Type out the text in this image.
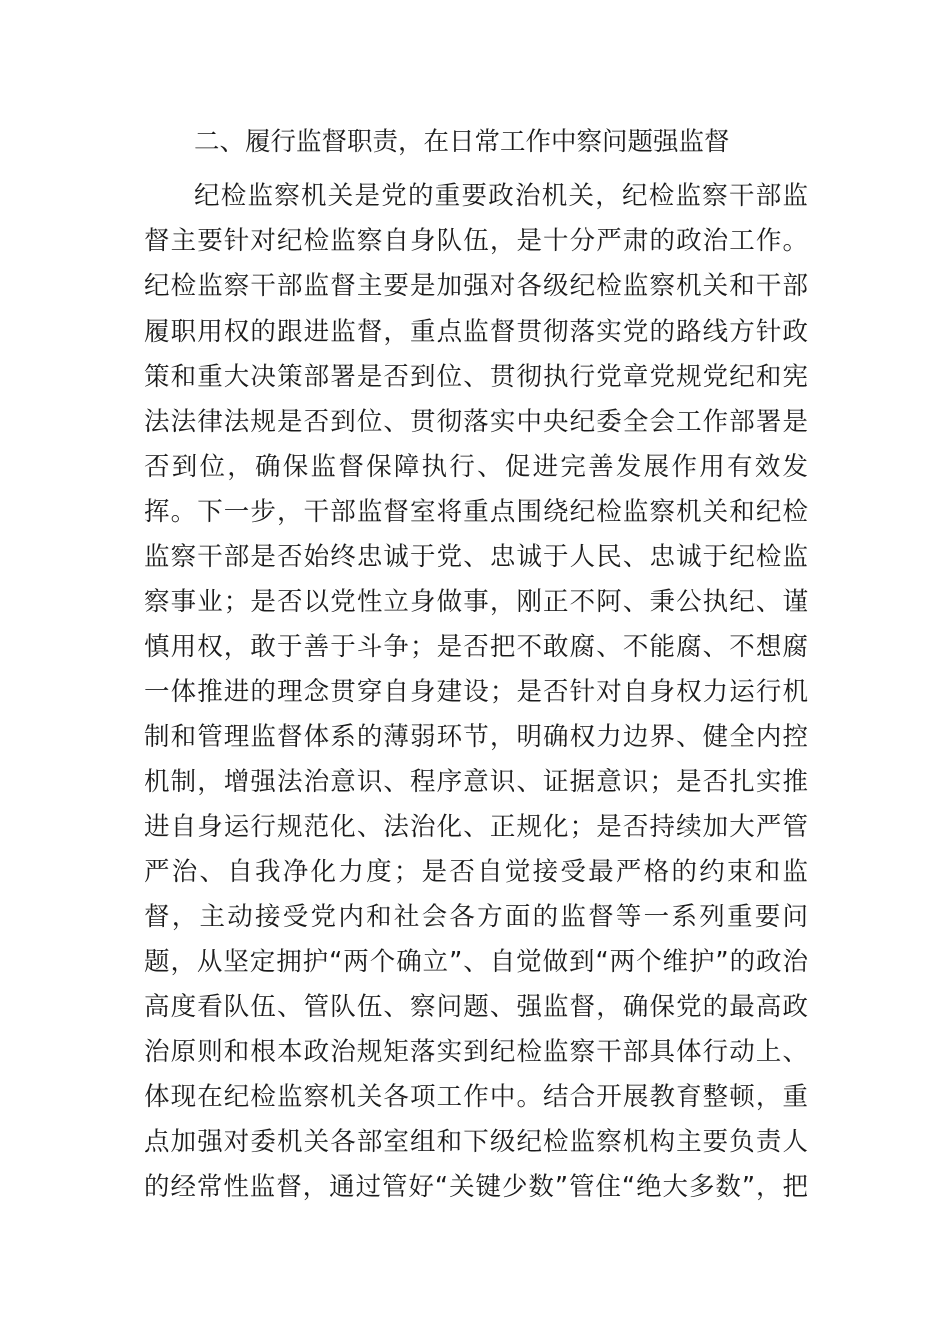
二、履行监督职责，在日常工作中察问题强监督
纪检监察机关是党的重要政治机关，纪检监察干部监
督主要针对纪检监察自身队伍，是十分严肃的政治工作。
纪检监察干部监督主要是加强对各级纪检监察机关和干部
履职用权的跟进监督，重点监督贯彻落实党的路线方针政
策和重大决策部署是否到位、贯彻执行党章党规党纪和宪
法法律法规是否到位、贯彻落实中央纪委全会工作部署是
否到位，确保监督保障执行、促进完善发展作用有效发
挥。下一步，干部监督室将重点围绕纪检监察机关和纪检
监察干部是否始终忠诚于党、忠诚于人民、忠诚于纪检监
察事业；是否以党性立身做事，刚正不阿、秉公执纪、谨
慎用权，敢于善于斗争；是否把不敢腐、不能腐、不想腐
一体推进的理念贯穿自身建设；是否针对自身权力运行机
制和管理监督体系的薄弱环节，明确权力边界、健全内控
机制，增强法治意识、程序意识、证据意识；是否扎实推
进自身运行规范化、法治化、正规化；是否持续加大严管
严治、自我净化力度；是否自觉接受最严格的约束和监
督，主动接受党内和社会各方面的监督等一系列重要问
题，从坚定拥护“两个确立”、自觉做到“两个维护”的政治
高度看队伍、管队伍、察问题、强监督，确保党的最高政
治原则和根本政治规矩落实到纪检监察干部具体行动上、
体现在纪检监察机关各项工作中。结合开展教育整顿，重
点加强对委机关各部室组和下级纪检监察机构主要负责人
的经常性监督，通过管好“关键少数”管住“绝大多数”，把
